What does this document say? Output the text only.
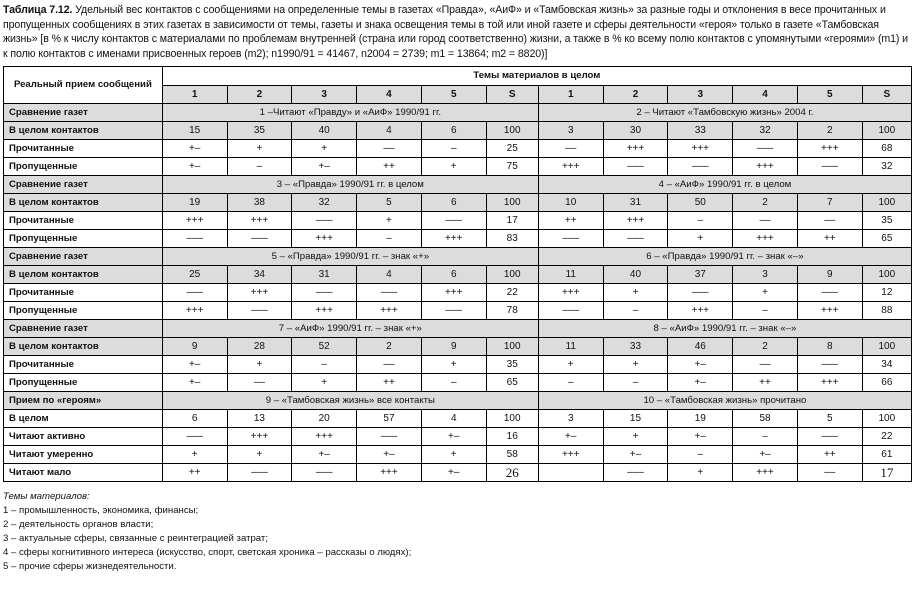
Таблица 7.12. Удельный вес контактов с сообщениями на определенные темы в газетах «Правда», «АиФ» и «Тамбовская жизнь» за разные годы и отклонения в весе прочитанных и пропущенных сообщениях в этих газетах в зависимости от темы, газеты и знака освещения темы в той или иной газете и сферы деятельности «героя» только в газете «Тамбовская жизнь» [в % к числу контактов с материалами по проблемам внутренней (страна или город соответственно) жизни, а также в % ко всему полю контактов с упомянутыми «героями» (m1) и к полю контактов с именами присвоенных героев (m2); n1990/91 = 41467, n2004 = 2739; m1 = 13864; m2 = 8820)]

Реальный прием сообщений	Темы материалов в целом											
	1	2	3	4	5	S	1	2	3	4	5	S
Сравнение газет	1 –Читают «Правду» и «АиФ» 1990/91 гг.						2 – Читают «Тамбовскую жизнь» 2004 г.					
В целом контактов	15	35	40	4	6	100	3	30	33	32	2	100
Прочитанные	+–	+	+	––	–	25	––	+++	+++	–––	+++	68
Пропущенные	+–	–	+–	++	+	75	+++	–––	–––	+++	–––	32
Сравнение газет	3 – «Правда» 1990/91 гг. в целом						4 – «АиФ» 1990/91 гг. в целом					
В целом контактов	19	38	32	5	6	100	10	31	50	2	7	100
Прочитанные	+++	+++	–––	+	–––	17	++	+++	–	––	––	35
Пропущенные	–––	–––	+++	–	+++	83	–––	–––	+	+++	++	65
Сравнение газет	5 – «Правда» 1990/91 гг. – знак «+»						6 – «Правда» 1990/91 гг. – знак «–»					
В целом контактов	25	34	31	4	6	100	11	40	37	3	9	100
Прочитанные	–––	+++	–––	–––	+++	22	+++	+	–––	+	–––	12
Пропущенные	+++	–––	+++	+++	–––	78	–––	–	+++	–	+++	88
Сравнение газет	7 – «АиФ» 1990/91 гг. – знак «+»						8 – «АиФ» 1990/91 гг. – знак «–»					
В целом контактов	9	28	52	2	9	100	11	33	46	2	8	100
Прочитанные	+–	+	–	––	+	35	+	+	+–	––	–––	34
Пропущенные	+–	––	+	++	–	65	–	–	+–	++	+++	66
Прием по «героям»	9 – «Тамбовская жизнь» все контакты						10 – «Тамбовская жизнь» прочитано					
В целом	6	13	20	57	4	100	3	15	19	58	5	100
Читают активно	–––	+++	+++	–––	+–	16	+–	+	+–	–	–––	22
Читают умеренно	+	+	+–	+–	+	58	+++	+–	–	+–	++	61
Читают мало	++	–––	–––	+++	+–	26		–––	+	+++	––	17
Темы материалов:
1 – промышленность, экономика, финансы;
2 – деятельность органов власти;
3 – актуальные сферы, связанные с реинтеграцией затрат;
4 – сферы когнитивного интереса (искусство, спорт, светская хроника – рассказы о людях);
5 – прочие сферы жизнедеятельности.
